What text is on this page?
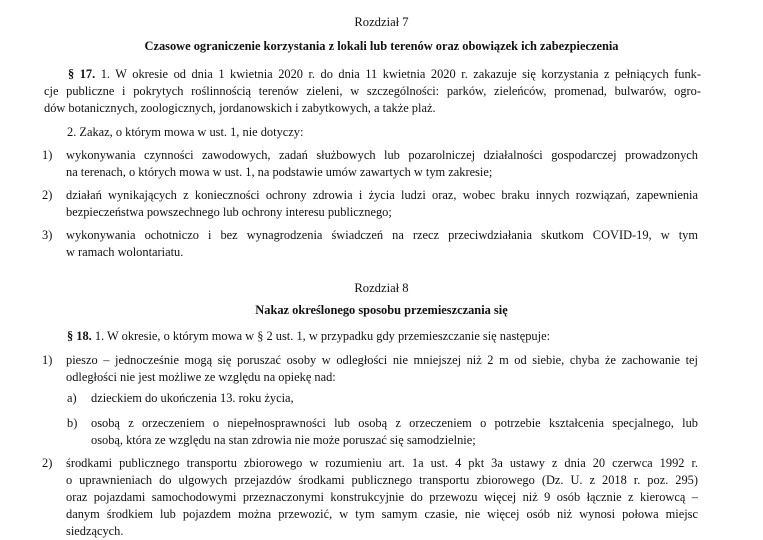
Rozdział 7
Czasowe ograniczenie korzystania z lokali lub terenów oraz obowiązek ich zabezpieczenia
§ 17. 1. W okresie od dnia 1 kwietnia 2020 r. do dnia 11 kwietnia 2020 r. zakazuje się korzystania z pełniących funk-
cje publiczne i pokrytych roślinnością terenów zieleni, w szczególności: parków, zieleńców, promenad, bulwarów, ogro-
dów botanicznych, zoologicznych, jordanowskich i zabytkowych, a także plaż.
2. Zakaz, o którym mowa w ust. 1, nie dotyczy:
1) wykonywania czynności zawodowych, zadań służbowych lub pozarolniczej działalności gospodarczej prowadzonych
na terenach, o których mowa w ust. 1, na podstawie umów zawartych w tym zakresie;
2) działań wynikających z konieczności ochrony zdrowia i życia ludzi oraz, wobec braku innych rozwiązań, zapewnienia
bezpieczeństwa powszechnego lub ochrony interesu publicznego;
3) wykonywania ochotniczo i bez wynagrodzenia świadczeń na rzecz przeciwdziałania skutkom COVID-19, w tym
w ramach wolontariatu.
Rozdział 8
Nakaz określonego sposobu przemieszczania się
§ 18. 1. W okresie, o którym mowa w § 2 ust. 1, w przypadku gdy przemieszczanie się następuje:
1) pieszo – jednocześnie mogą się poruszać osoby w odległości nie mniejszej niż 2 m od siebie, chyba że zachowanie tej
odległości nie jest możliwe ze względu na opiekę nad:
a) dzieckiem do ukończenia 13. roku życia,
b) osobą z orzeczeniem o niepełnosprawności lub osobą z orzeczeniem o potrzebie kształcenia specjalnego, lub
osobą, która ze względu na stan zdrowia nie może poruszać się samodzielnie;
2) środkami publicznego transportu zbiorowego w rozumieniu art. 1a ust. 4 pkt 3a ustawy z dnia 20 czerwca 1992 r.
o uprawnieniach do ulgowych przejazdów środkami publicznego transportu zbiorowego (Dz. U. z 2018 r. poz. 295)
oraz pojazdami samochodowymi przeznaczonymi konstrukcyjnie do przewozu więcej niż 9 osób łącznie z kierowcą –
danym środkiem lub pojazdem można przewozić, w tym samym czasie, nie więcej osób niż wynosi połowa miejsc
siedzących.
